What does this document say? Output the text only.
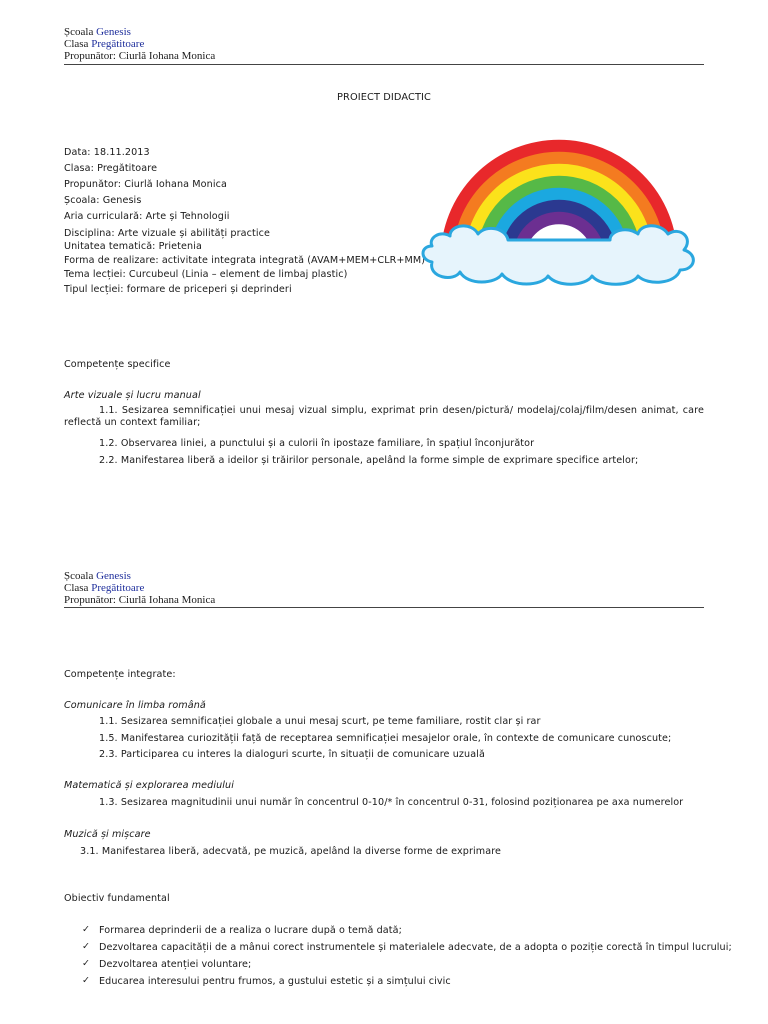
Școala Genesis
Clasa Pregătitoare
Propunător: Ciurlă Iohana Monica
PROIECT DIDACTIC
Data: 18.11.2013
Clasa: Pregătitoare
Propunător: Ciurlă Iohana Monica
Școala: Genesis
Aria curriculară: Arte și Tehnologii
Disciplina: Arte vizuale și abilități practice
Unitatea tematică: Prietenia
Forma de realizare: activitate integrata integrată (AVAM+MEM+CLR+MM)
Tema lecției: Curcubeul (Linia – element de limbaj plastic)
Tipul lecției: formare de priceperi și deprinderi
Competențe specifice
Arte vizuale și lucru manual
1.1. Sesizarea semnificației unui mesaj vizual simplu, exprimat prin desen/pictură/ modelaj/colaj/film/desen animat, care reflectă un context familiar;
1.2. Observarea liniei, a punctului și a culorii în ipostaze familiare, în spațiul înconjurător
2.2. Manifestarea liberă a ideilor și trăirilor personale, apelând la forme simple de exprimare specifice artelor;
Școala Genesis
Clasa Pregătitoare
Propunător: Ciurlă Iohana Monica
Competențe integrate:
Comunicare în limba română
1.1. Sesizarea semnificației globale a unui mesaj scurt, pe teme familiare, rostit clar și rar
1.5. Manifestarea curiozității față de receptarea semnificației mesajelor orale, în contexte de comunicare cunoscute;
2.3. Participarea cu interes la dialoguri scurte, în situații de comunicare uzuală
Matematică și explorarea mediului
1.3. Sesizarea magnitudinii unui număr în concentrul 0-10/* în concentrul 0-31, folosind poziționarea pe axa numerelor
Muzică și mișcare
3.1. Manifestarea liberă, adecvată, pe muzică, apelând la diverse forme de exprimare
Obiectiv fundamental
✓ Formarea deprinderii de a realiza o lucrare după o temă dată;
✓ Dezvoltarea capacității de a mânui corect instrumentele și materialele adecvate, de a adopta o poziție corectă în timpul lucrului;
✓ Dezvoltarea atenției voluntare;
✓ Educarea interesului pentru frumos, a gustului estetic și a simțului civic
